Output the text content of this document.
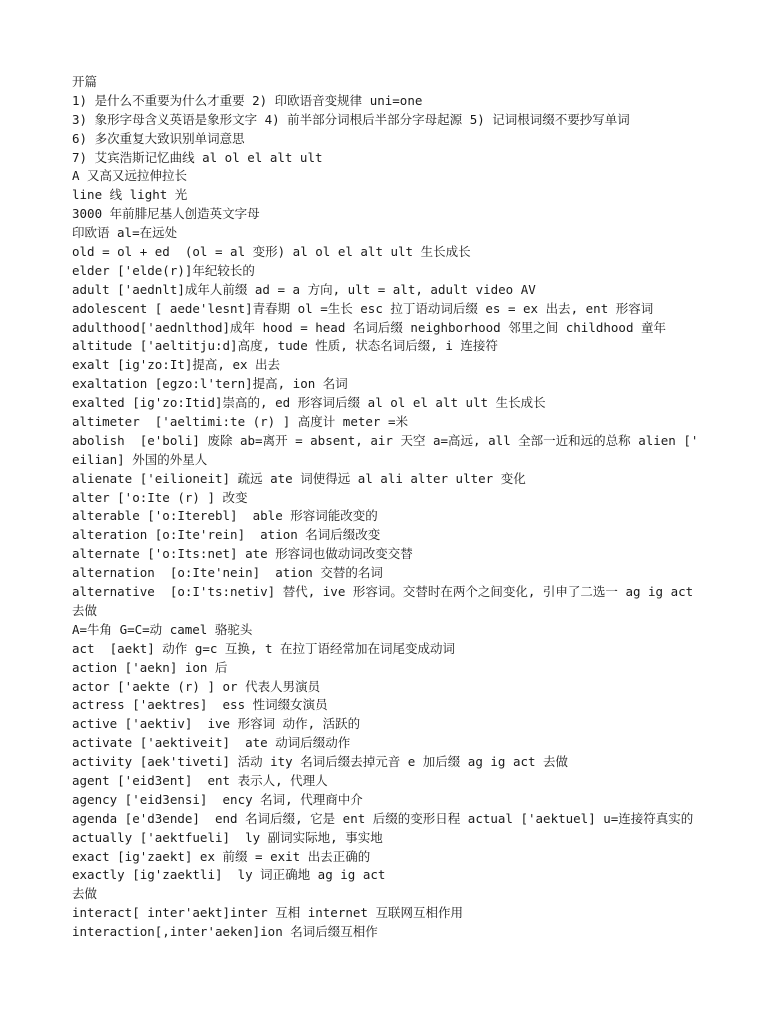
开篇
1) 是什么不重要为什么才重要 2) 印欧语音变规律 uni=one
3) 象形字母含义英语是象形文字 4) 前半部分词根后半部分字母起源 5) 记词根词缀不要抄写单词
6) 多次重复大致识别单词意思
7) 艾宾浩斯记忆曲线 al ol el alt ult
A 又高又远拉伸拉长
line 线 light 光
3000 年前腓尼基人创造英文字母
印欧语 al=在远处
old = ol + ed  (ol = al 变形) al ol el alt ult 生长成长
elder ['elde(r)]年纪较长的
adult ['aednlt]成年人前缀 ad = a 方向, ult = alt, adult video AV
adolescent [ aede'lesnt]青春期 ol =生长 esc 拉丁语动词后缀 es = ex 出去, ent 形容词
adulthood['aednlthod]成年 hood = head 名词后缀 neighborhood 邻里之间 childhood 童年
altitude ['aeltitju:d]高度, tude 性质, 状态名词后缀, i 连接符
exalt [ig'zo:It]提高, ex 出去
exaltation [egzo:l'tern]提高, ion 名词
exalted [ig'zo:Itid]崇高的, ed 形容词后缀 al ol el alt ult 生长成长
altimeter  ['aeltimi:te (r) ] 高度计 meter =米
abolish  [e'boli] 废除 ab=离开 = absent, air 天空 a=高远, all 全部一近和远的总称 alien ['
eilian] 外国的外星人
alienate ['eilioneit] 疏远 ate 词使得远 al ali alter ulter 变化
alter ['o:Ite (r) ] 改变
alterable ['o:Iterebl]  able 形容词能改变的
alteration [o:Ite'rein]  ation 名词后缀改变
alternate ['o:Its:net] ate 形容词也做动词改变交替
alternation  [o:Ite'nein]  ation 交替的名词
alternative  [o:I'ts:netiv] 替代, ive 形容词。交替时在两个之间变化, 引申了二选一 ag ig act
去做
A=牛角 G=C=动 camel 骆驼头
act  [aekt] 动作 g=c 互换, t 在拉丁语经常加在词尾变成动词
action ['aekn] ion 后
actor ['aekte (r) ] or 代表人男演员
actress ['aektres]  ess 性词缀女演员
active ['aektiv]  ive 形容词 动作, 活跃的
activate ['aektiveit]  ate 动词后缀动作
activity [aek'tiveti] 活动 ity 名词后缀去掉元音 e 加后缀 ag ig act 去做
agent ['eid3ent]  ent 表示人, 代理人
agency ['eid3ensi]  ency 名词, 代理商中介
agenda [e'd3ende]  end 名词后缀, 它是 ent 后缀的变形日程 actual ['aektuel] u=连接符真实的
actually ['aektfueli]  ly 副词实际地, 事实地
exact [ig'zaekt] ex 前缀 = exit 出去正确的
exactly [ig'zaektli]  ly 词正确地 ag ig act
去做
interact[ inter'aekt]inter 互相 internet 互联网互相作用
interaction[,inter'aeken]ion 名词后缀互相作
